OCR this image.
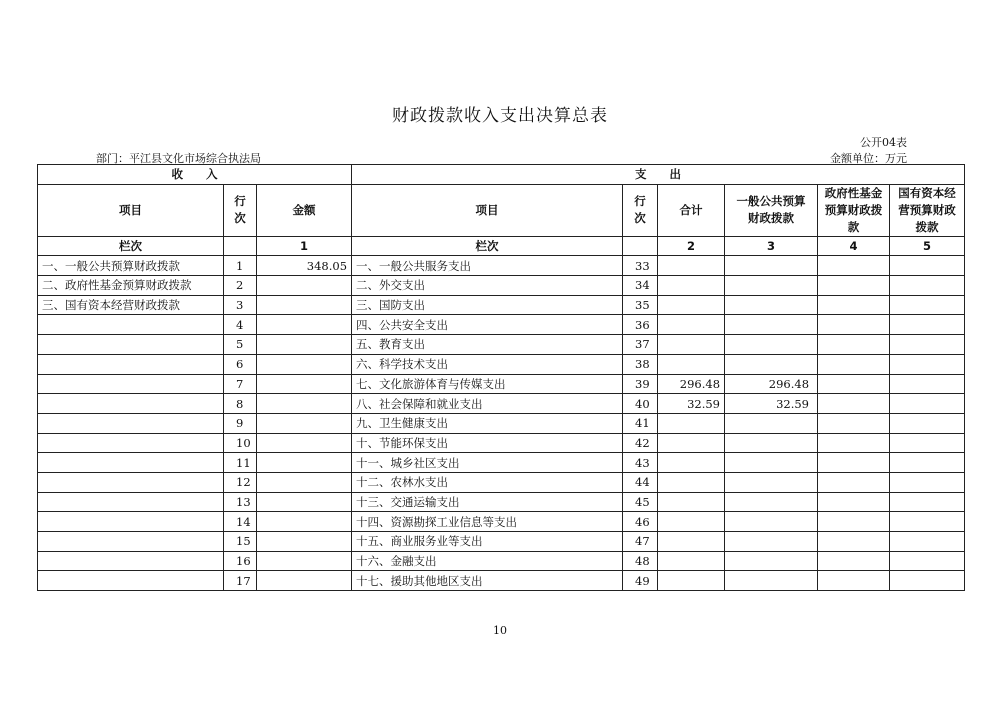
财政拨款收入支出决算总表
公开04表
部门：平江县文化市场综合执法局	金额单位：万元
收　　入			支　　出					
项目	行次	金额	项目	行次	合计	一般公共预算财政拨款	政府性基金预算财政拨款	国有资本经营预算财政拨款
栏次		1	栏次		2	3	4	5
一、一般公共预算财政拨款	1	348.05	一、一般公共服务支出	33				
二、政府性基金预算财政拨款	2		二、外交支出	34				
三、国有资本经营财政拨款	3		三、国防支出	35				
	4		四、公共安全支出	36				
	5		五、教育支出	37				
	6		六、科学技术支出	38				
	7		七、文化旅游体育与传媒支出	39	296.48	296.48		
	8		八、社会保障和就业支出	40	32.59	32.59		
	9		九、卫生健康支出	41				
	10		十、节能环保支出	42				
	11		十一、城乡社区支出	43				
	12		十二、农林水支出	44				
	13		十三、交通运输支出	45				
	14		十四、资源勘探工业信息等支出	46				
	15		十五、商业服务业等支出	47				
	16		十六、金融支出	48				
	17		十七、援助其他地区支出	49				
10
